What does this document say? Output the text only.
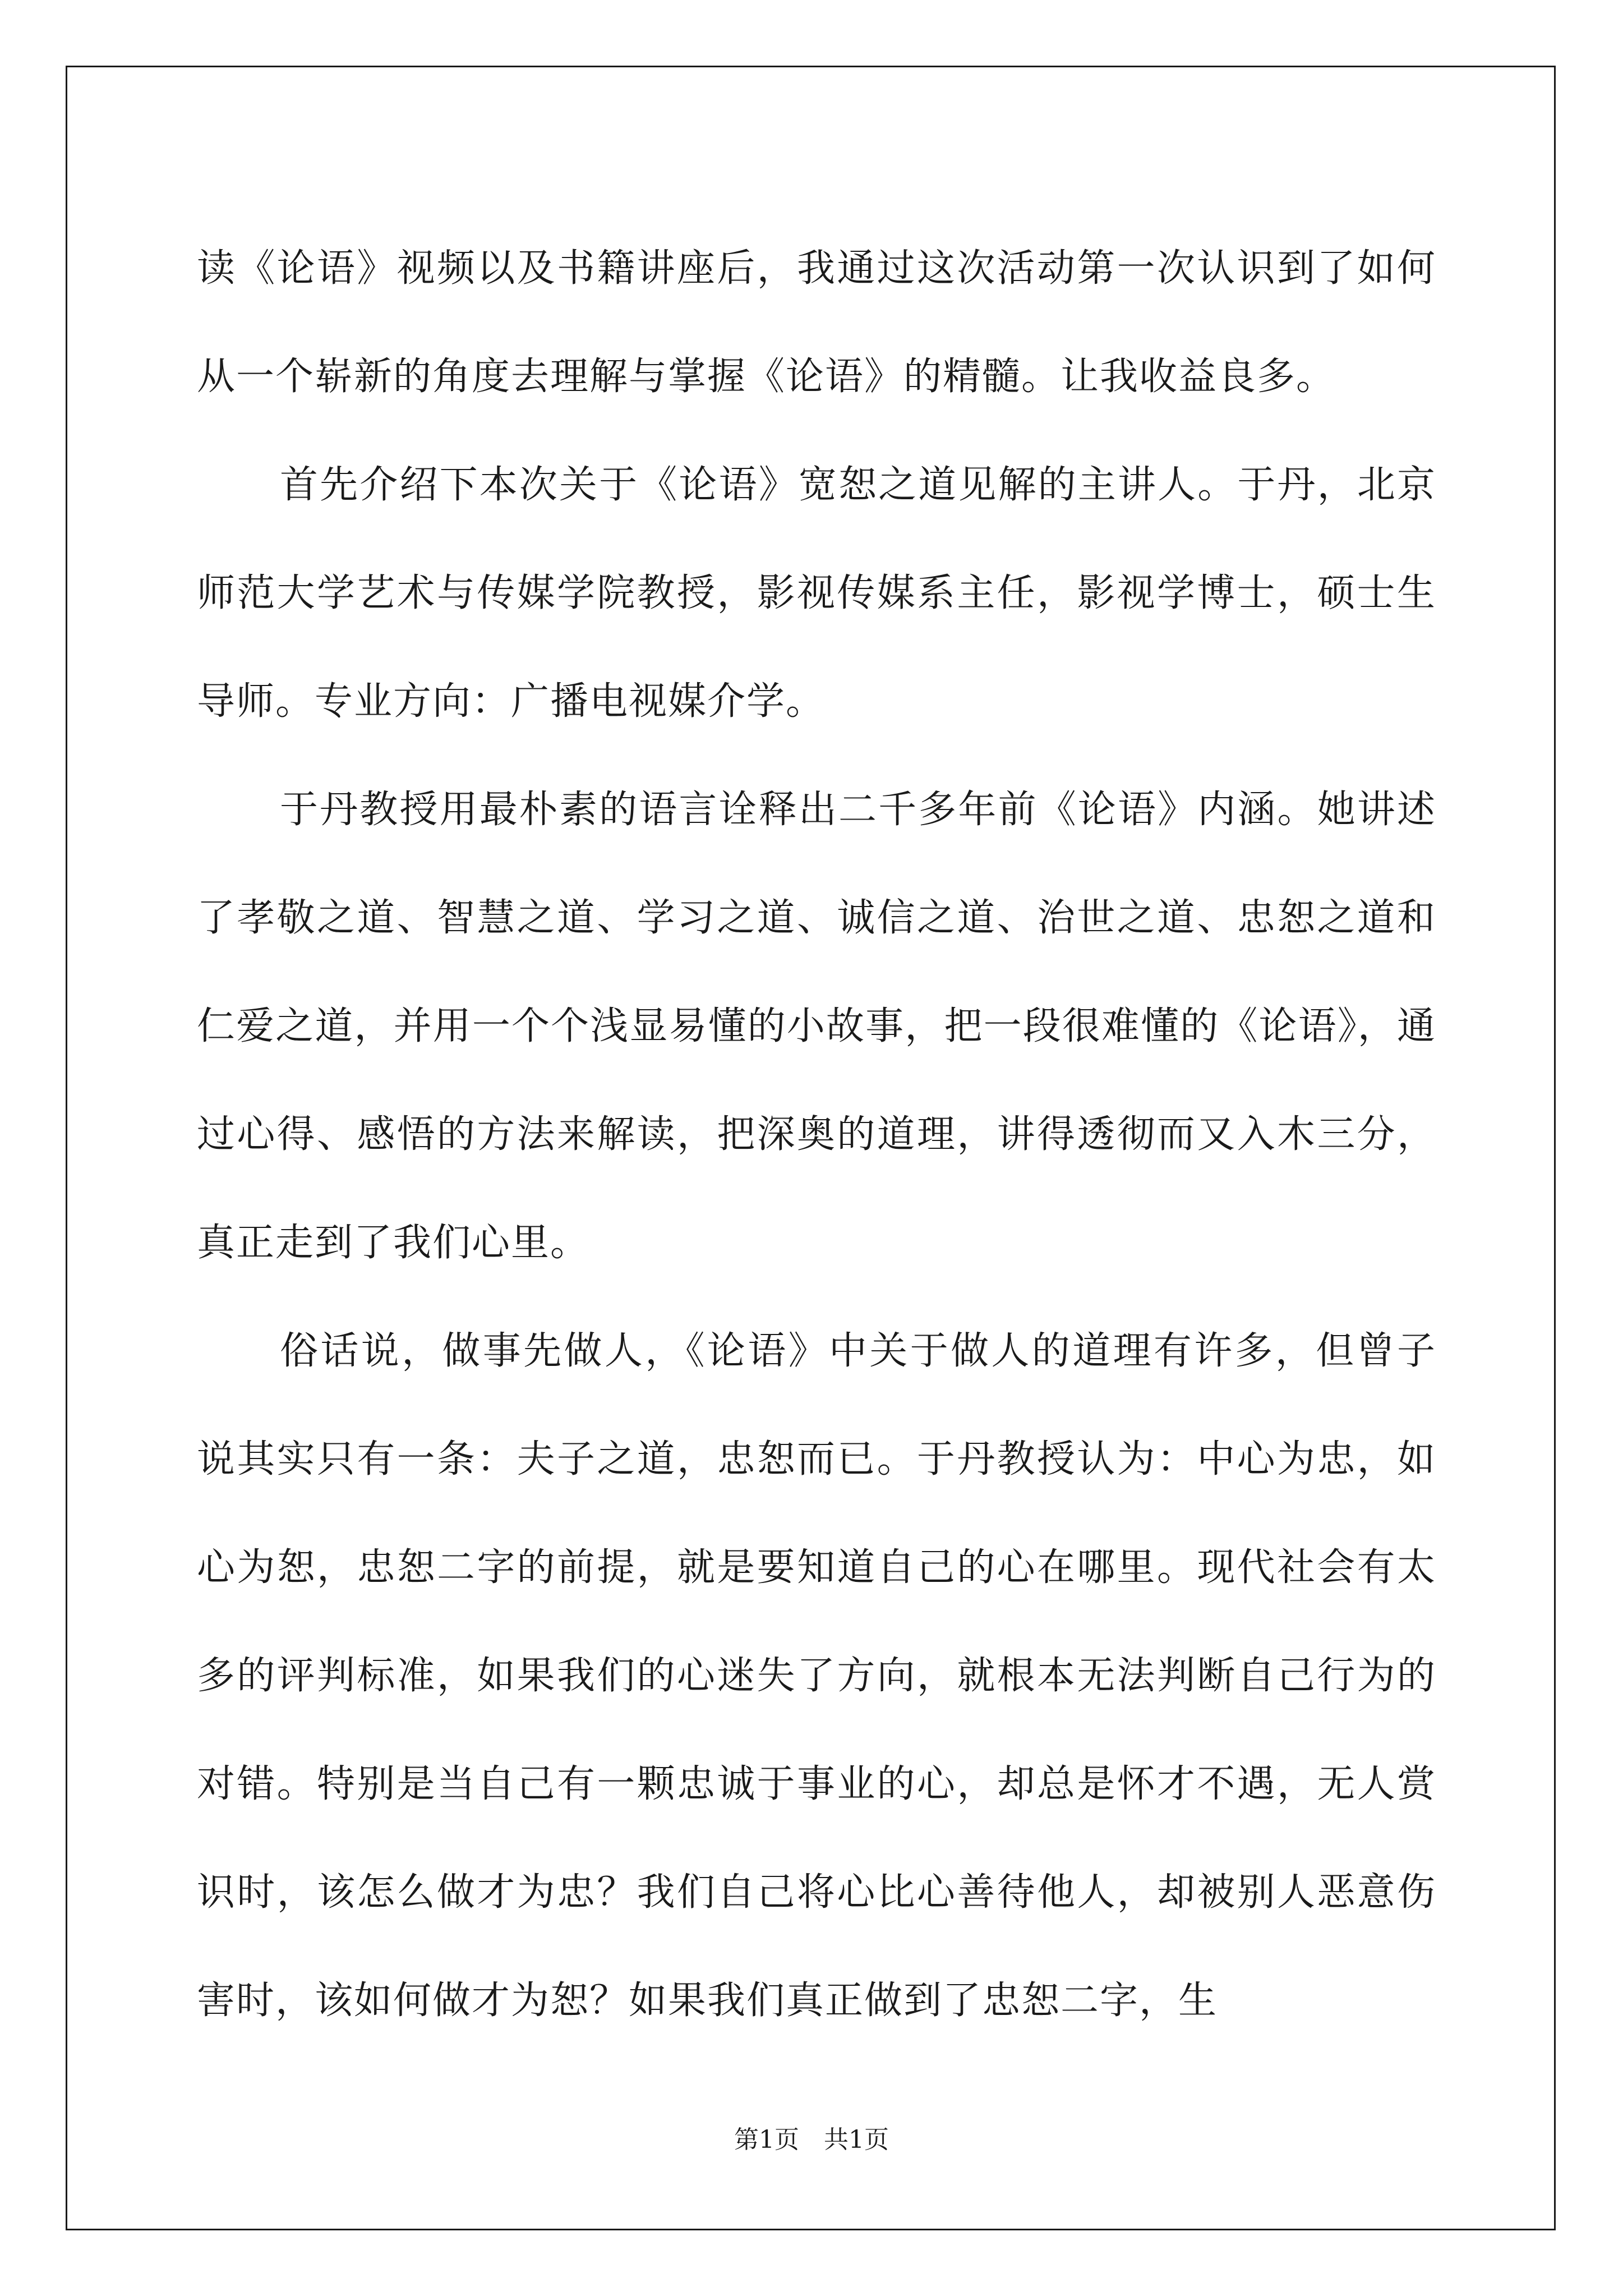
读《论语》视频以及书籍讲座后，我通过这次活动第一次认识到了如何从一个崭新的角度去理解与掌握《论语》的精髓。让我收益良多。

首先介绍下本次关于《论语》宽恕之道见解的主讲人。于丹，北京师范大学艺术与传媒学院教授，影视传媒系主任，影视学博士，硕士生导师。专业方向：广播电视媒介学。

于丹教授用最朴素的语言诠释出二千多年前《论语》内涵。她讲述了孝敬之道、智慧之道、学习之道、诚信之道、治世之道、忠恕之道和仁爱之道，并用一个个浅显易懂的小故事，把一段很难懂的《论语》，通过心得、感悟的方法来解读，把深奥的道理，讲得透彻而又入木三分，真正走到了我们心里。

俗话说，做事先做人，《论语》中关于做人的道理有许多，但曾子说其实只有一条：夫子之道，忠恕而已。于丹教授认为：中心为忠，如心为恕，忠恕二字的前提，就是要知道自己的心在哪里。现代社会有太多的评判标准，如果我们的心迷失了方向，就根本无法判断自己行为的对错。特别是当自己有一颗忠诚于事业的心，却总是怀才不遇，无人赏识时，该怎么做才为忠？我们自己将心比心善待他人，却被别人恶意伤害时，该如何做才为恕？如果我们真正做到了忠恕二字，生

第1页 共1页
